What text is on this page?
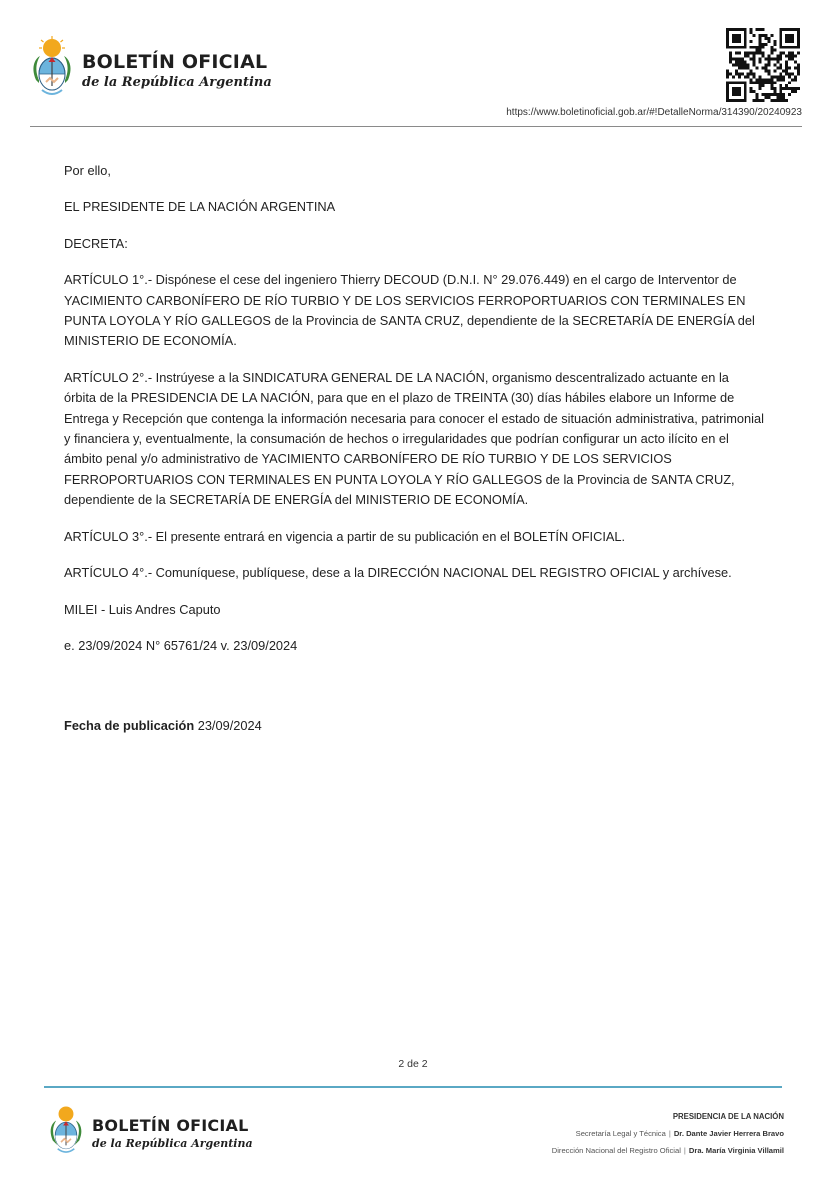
BOLETÍN OFICIAL
de la República Argentina
https://www.boletinoficial.gob.ar/#!DetalleNorma/314390/20240923

Por ello,

EL PRESIDENTE DE LA NACIÓN ARGENTINA

DECRETA:

ARTÍCULO 1°.- Dispónese el cese del ingeniero Thierry DECOUD (D.N.I. N° 29.076.449) en el cargo de Interventor de YACIMIENTO CARBONÍFERO DE RÍO TURBIO Y DE LOS SERVICIOS FERROPORTUARIOS CON TERMINALES EN PUNTA LOYOLA Y RÍO GALLEGOS de la Provincia de SANTA CRUZ, dependiente de la SECRETARÍA DE ENERGÍA del MINISTERIO DE ECONOMÍA.

ARTÍCULO 2°.- Instrúyese a la SINDICATURA GENERAL DE LA NACIÓN, organismo descentralizado actuante en la órbita de la PRESIDENCIA DE LA NACIÓN, para que en el plazo de TREINTA (30) días hábiles elabore un Informe de Entrega y Recepción que contenga la información necesaria para conocer el estado de situación administrativa, patrimonial y financiera y, eventualmente, la consumación de hechos o irregularidades que podrían configurar un acto ilícito en el ámbito penal y/o administrativo de YACIMIENTO CARBONÍFERO DE RÍO TURBIO Y DE LOS SERVICIOS FERROPORTUARIOS CON TERMINALES EN PUNTA LOYOLA Y RÍO GALLEGOS de la Provincia de SANTA CRUZ, dependiente de la SECRETARÍA DE ENERGÍA del MINISTERIO DE ECONOMÍA.

ARTÍCULO 3°.- El presente entrará en vigencia a partir de su publicación en el BOLETÍN OFICIAL.

ARTÍCULO 4°.- Comuníquese, publíquese, dese a la DIRECCIÓN NACIONAL DEL REGISTRO OFICIAL y archívese.

MILEI - Luis Andres Caputo

e. 23/09/2024 N° 65761/24 v. 23/09/2024

Fecha de publicación 23/09/2024
2 de 2
BOLETÍN OFICIAL
de la República Argentina
PRESIDENCIA DE LA NACIÓN
Secretaría Legal y Técnica | Dr. Dante Javier Herrera Bravo
Dirección Nacional del Registro Oficial | Dra. María Virginia Villamil
